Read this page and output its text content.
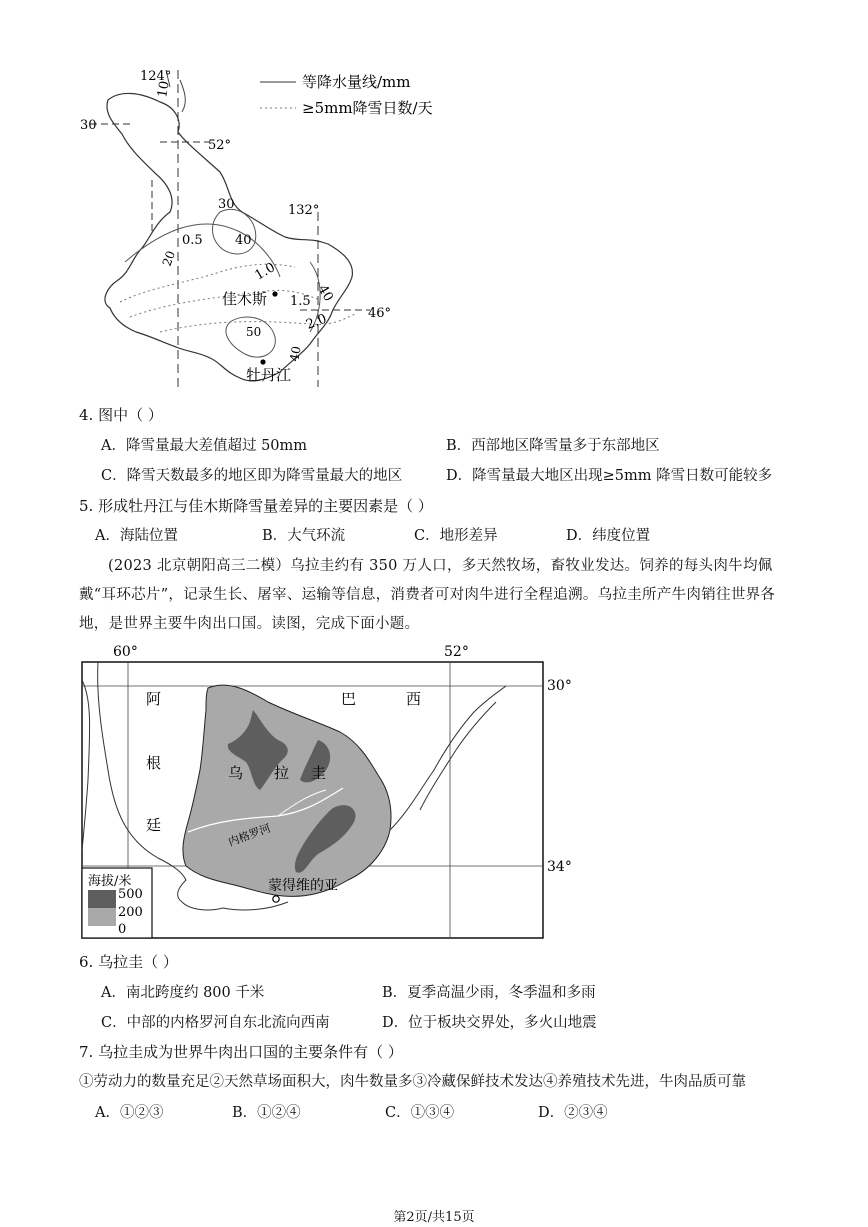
124°
10
30
52°
30	132°
0.5 40
20
1.0
1.5 40
46°
2.0
50
40
佳木斯
牡丹江
等降水量线/mm
≥5mm降雪日数/天
4. 图中（ ）
A．降雪量最大差值超过 50mm	B．西部地区降雪量多于东部地区
C．降雪天数最多的地区即为降雪量最大的地区	D．降雪量最大地区出现≥5mm 降雪日数可能较多
5. 形成牡丹江与佳木斯降雪量差异的主要因素是（ ）
A．海陆位置	B．大气环流	C．地形差异	D．纬度位置
(2023 北京朝阳高三二模）乌拉圭约有 350 万人口，多天然牧场，畜牧业发达。饲养的每头肉牛均佩戴“耳环芯片”，记录生长、屠宰、运输等信息，消费者可对肉牛进行全程追溯。乌拉圭所产牛肉销往世界各地，是世界主要牛肉出口国。读图，完成下面小题。
60°	52°
30°
34°
巴	西
阿
根
廷
乌 拉 圭
内格罗河
蒙得维的亚
海拔/米
500
200
0
6. 乌拉圭（ ）
A．南北跨度约 800 千米	B．夏季高温少雨，冬季温和多雨
C．中部的内格罗河自东北流向西南	D．位于板块交界处，多火山地震
7. 乌拉圭成为世界牛肉出口国的主要条件有（ ）
①劳动力的数量充足②天然草场面积大，肉牛数量多③冷藏保鲜技术发达④养殖技术先进，牛肉品质可靠
A．①②③	B．①②④	C．①③④	D．②③④
第2页/共15页
